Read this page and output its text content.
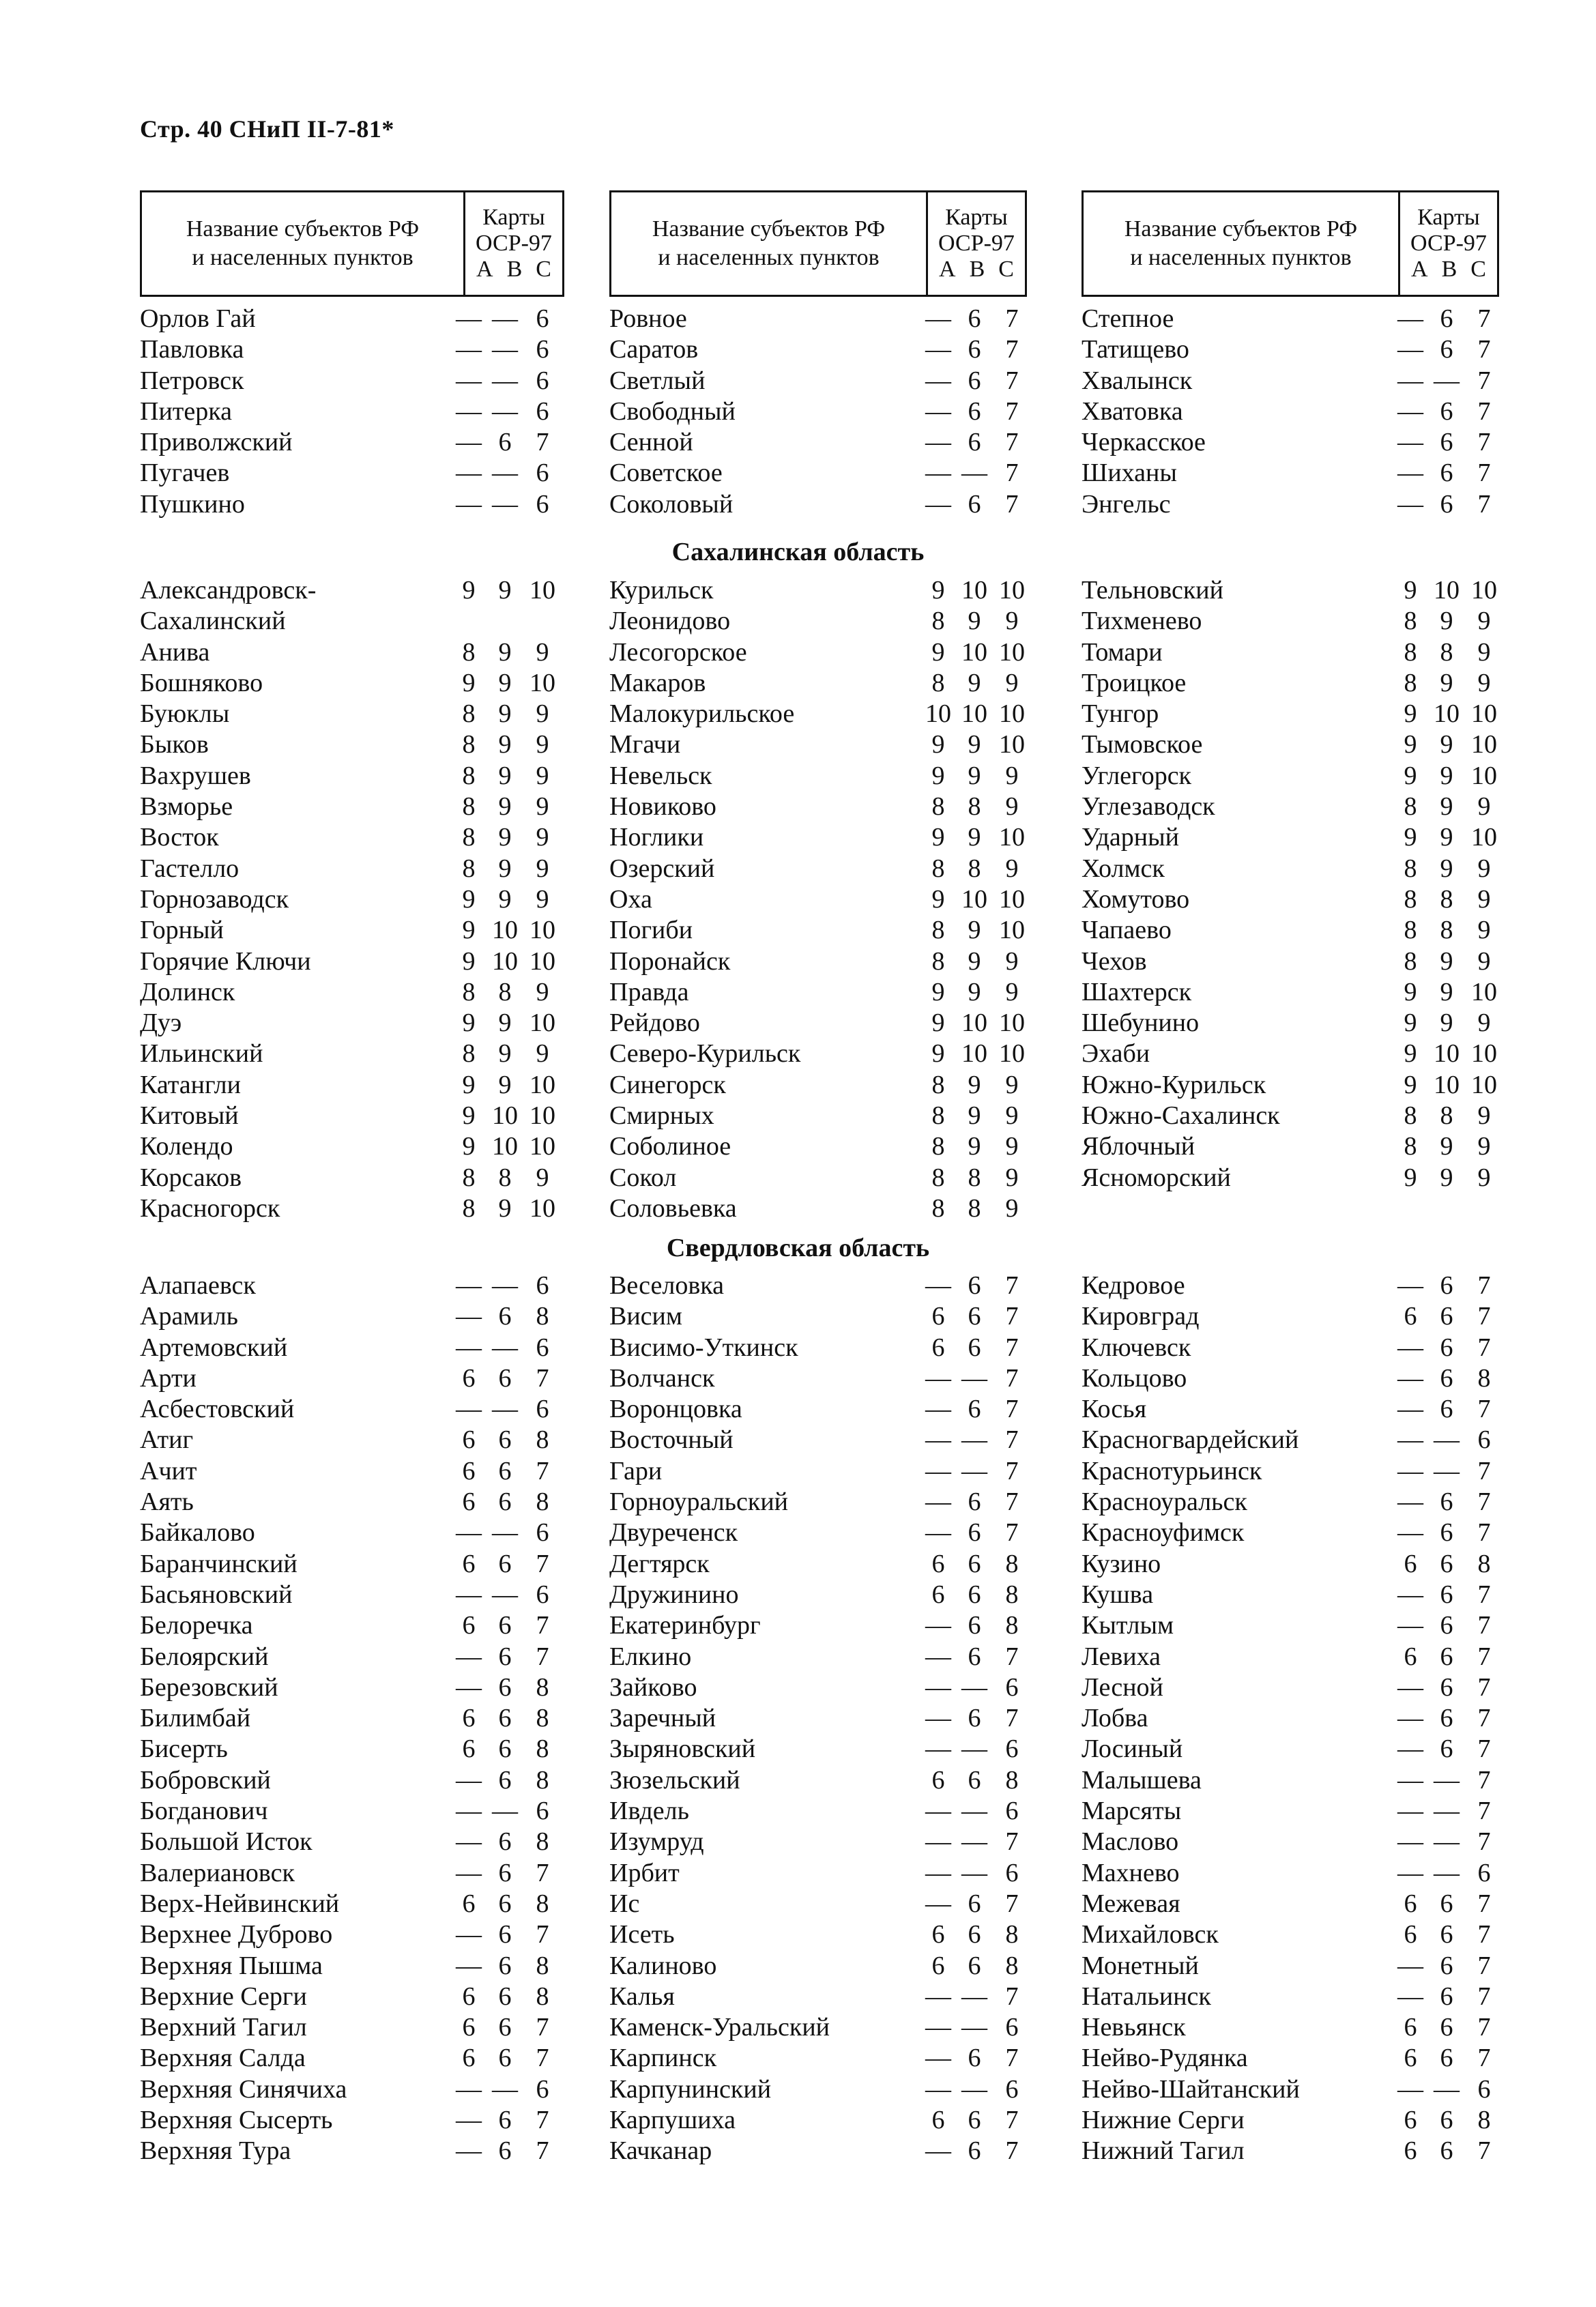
Стр. 40 СНиП II-7-81*
Название субъектов РФ
и населенных пунктов
Карты
ОСР-97
А В С
Название субъектов РФ
и населенных пунктов
Карты
ОСР-97
А В С
Название субъектов РФ
и населенных пунктов
Карты
ОСР-97
А В С
Орлов Гай	— — 6
Павловка	— — 6
Петровск	— — 6
Питерка	— — 6
Приволжский	— 6 7
Пугачев	— — 6
Пушкино	— — 6
Ровное	— 6 7
Саратов	— 6 7
Светлый	— 6 7
Свободный	— 6 7
Сенной	— 6 7
Советское	— — 7
Соколовый	— 6 7
Степное	— 6 7
Татищево	— 6 7
Хвалынск	— — 7
Хватовка	— 6 7
Черкасское	— 6 7
Шиханы	— 6 7
Энгельс	— 6 7
Сахалинская область
Александровск-	9 9 10
Сахалинский
Анива	8 9 9
Бошняково	9 9 10
Буюклы	8 9 9
Быков	8 9 9
Вахрушев	8 9 9
Взморье	8 9 9
Восток	8 9 9
Гастелло	8 9 9
Горнозаводск	9 9 9
Горный	9 10 10
Горячие Ключи	9 10 10
Долинск	8 8 9
Дуэ	9 9 10
Ильинский	8 9 9
Катангли	9 9 10
Китовый	9 10 10
Колендо	9 10 10
Корсаков	8 8 9
Красногорск	8 9 10
Курильск	9 10 10
Леонидово	8 9 9
Лесогорское	9 10 10
Макаров	8 9 9
Малокурильское	10 10 10
Мгачи	9 9 10
Невельск	9 9 9
Новиково	8 8 9
Ноглики	9 9 10
Озерский	8 8 9
Оха	9 10 10
Погиби	8 9 10
Поронайск	8 9 9
Правда	9 9 9
Рейдово	9 10 10
Северо-Курильск	9 10 10
Синегорск	8 9 9
Смирных	8 9 9
Соболиное	8 9 9
Сокол	8 8 9
Соловьевка	8 8 9
Тельновский	9 10 10
Тихменево	8 9 9
Томари	8 8 9
Троицкое	8 9 9
Тунгор	9 10 10
Тымовское	9 9 10
Углегорск	9 9 10
Углезаводск	8 9 9
Ударный	9 9 10
Холмск	8 9 9
Хомутово	8 8 9
Чапаево	8 8 9
Чехов	8 9 9
Шахтерск	9 9 10
Шебунино	9 9 9
Эхаби	9 10 10
Южно-Курильск	9 10 10
Южно-Сахалинск	8 8 9
Яблочный	8 9 9
Ясноморский	9 9 9
Свердловская область
Алапаевск	— — 6
Арамиль	— 6 8
Артемовский	— — 6
Арти	6 6 7
Асбестовский	— — 6
Атиг	6 6 8
Ачит	6 6 7
Аять	6 6 8
Байкалово	— — 6
Баранчинский	6 6 7
Басьяновский	— — 6
Белоречка	6 6 7
Белоярский	— 6 7
Березовский	— 6 8
Билимбай	6 6 8
Бисерть	6 6 8
Бобровский	— 6 8
Богданович	— — 6
Большой Исток	— 6 8
Валериановск	— 6 7
Верх-Нейвинский	6 6 8
Верхнее Дуброво	— 6 7
Верхняя Пышма	— 6 8
Верхние Серги	6 6 8
Верхний Тагил	6 6 7
Верхняя Салда	6 6 7
Верхняя Синячиха	— — 6
Верхняя Сысерть	— 6 7
Верхняя Тура	— 6 7
Веселовка	— 6 7
Висим	6 6 7
Висимо-Уткинск	6 6 7
Волчанск	— — 7
Воронцовка	— 6 7
Восточный	— — 7
Гари	— — 7
Горноуральский	— 6 7
Двуреченск	— 6 7
Дегтярск	6 6 8
Дружинино	6 6 8
Екатеринбург	— 6 8
Елкино	— 6 7
Зайково	— — 6
Заречный	— 6 7
Зыряновский	— — 6
Зюзельский	6 6 8
Ивдель	— — 6
Изумруд	— — 7
Ирбит	— — 6
Ис	— 6 7
Исеть	6 6 8
Калиново	6 6 8
Калья	— — 7
Каменск-Уральский	— — 6
Карпинск	— 6 7
Карпунинский	— — 6
Карпушиха	6 6 7
Качканар	— 6 7
Кедровое	— 6 7
Кировград	6 6 7
Ключевск	— 6 7
Кольцово	— 6 8
Косья	— 6 7
Красногвардейский	— — 6
Краснотурьинск	— — 7
Красноуральск	— 6 7
Красноуфимск	— 6 7
Кузино	6 6 8
Кушва	— 6 7
Кытлым	— 6 7
Левиха	6 6 7
Лесной	— 6 7
Лобва	— 6 7
Лосиный	— 6 7
Малышева	— — 7
Марсяты	— — 7
Маслово	— — 7
Махнево	— — 6
Межевая	6 6 7
Михайловск	6 6 7
Монетный	— 6 7
Натальинск	— 6 7
Невьянск	6 6 7
Нейво-Рудянка	6 6 7
Нейво-Шайтанский	— — 6
Нижние Серги	6 6 8
Нижний Тагил	6 6 7
